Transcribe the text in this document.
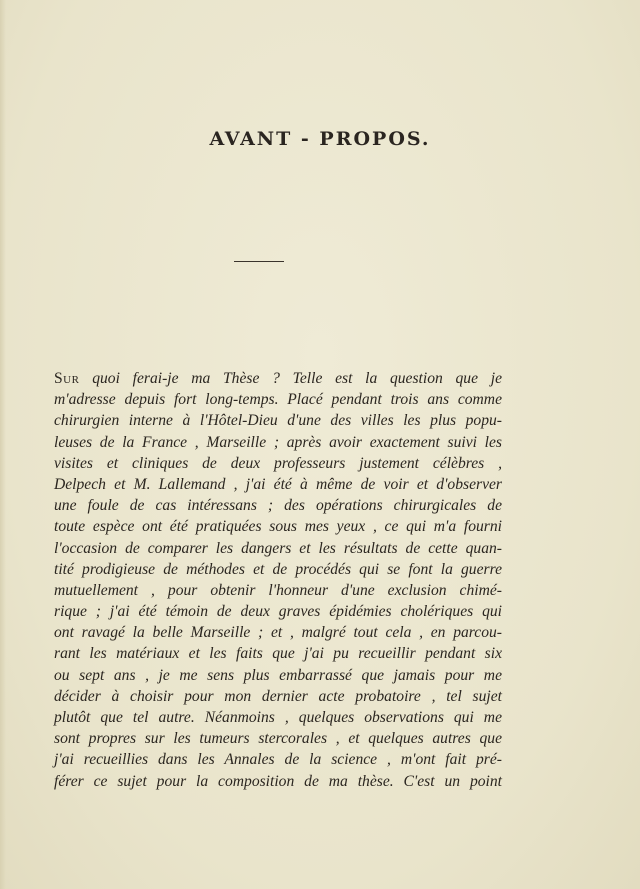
AVANT - PROPOS.
Sur quoi ferai-je ma Thèse ? Telle est la question que je
m'adresse depuis fort long-temps. Placé pendant trois ans comme
chirurgien interne à l'Hôtel-Dieu d'une des villes les plus popu-
leuses de la France , Marseille ; après avoir exactement suivi les
visites et cliniques de deux professeurs justement célèbres ,
Delpech et M. Lallemand , j'ai été à même de voir et d'observer
une foule de cas intéressans ; des opérations chirurgicales de
toute espèce ont été pratiquées sous mes yeux , ce qui m'a fourni
l'occasion de comparer les dangers et les résultats de cette quan-
tité prodigieuse de méthodes et de procédés qui se font la guerre
mutuellement , pour obtenir l'honneur d'une exclusion chimé-
rique ; j'ai été témoin de deux graves épidémies cholériques qui
ont ravagé la belle Marseille ; et , malgré tout cela , en parcou-
rant les matériaux et les faits que j'ai pu recueillir pendant six
ou sept ans , je me sens plus embarrassé que jamais pour me
décider à choisir pour mon dernier acte probatoire , tel sujet
plutôt que tel autre. Néanmoins , quelques observations qui me
sont propres sur les tumeurs stercorales , et quelques autres que
j'ai recueillies dans les Annales de la science , m'ont fait pré-
férer ce sujet pour la composition de ma thèse. C'est un point
